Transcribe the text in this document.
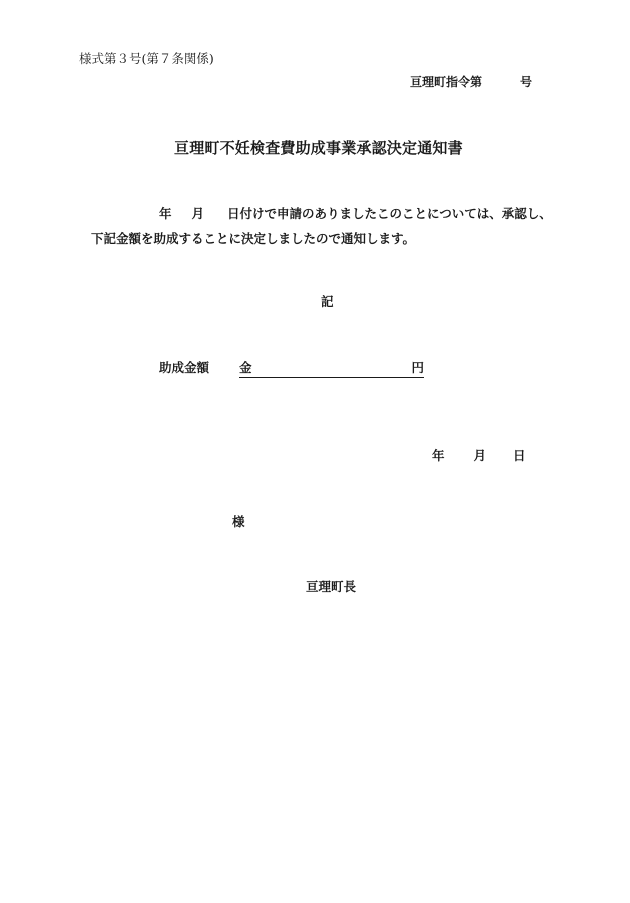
様式第３号(第７条関係)
亘理町指令第	号
亘理町不妊検査費助成事業承認決定通知書
年 月 日付けで申請のありましたこのことについては、承認し、
下記金額を助成することに決定しましたので通知します。
記
助成金額 金	円
年 月 日
様
亘理町長
